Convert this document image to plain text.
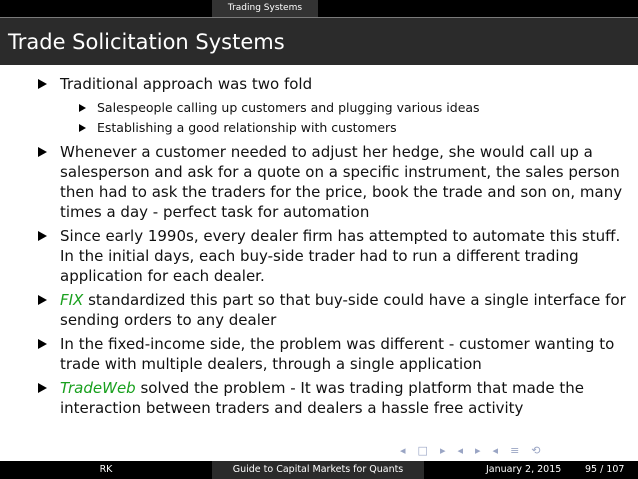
Trading Systems
Trade Solicitation Systems
Traditional approach was two fold
Salespeople calling up customers and plugging various ideas
Establishing a good relationship with customers
Whenever a customer needed to adjust her hedge, she would call up a salesperson and ask for a quote on a specific instrument, the sales person then had to ask the traders for the price, book the trade and son on, many times a day - perfect task for automation
Since early 1990s, every dealer firm has attempted to automate this stuff. In the initial days, each buy-side trader had to run a different trading application for each dealer.
FIX standardized this part so that buy-side could have a single interface for sending orders to any dealer
In the fixed-income side, the problem was different - customer wanting to trade with multiple dealers, through a single application
TradeWeb solved the problem - It was trading platform that made the interaction between traders and dealers a hassle free activity
◂ □ ▸ ◂ ▸ ◂ ≡ ⟲
RK	Guide to Capital Markets for Quants	January 2, 2015 95 / 107
